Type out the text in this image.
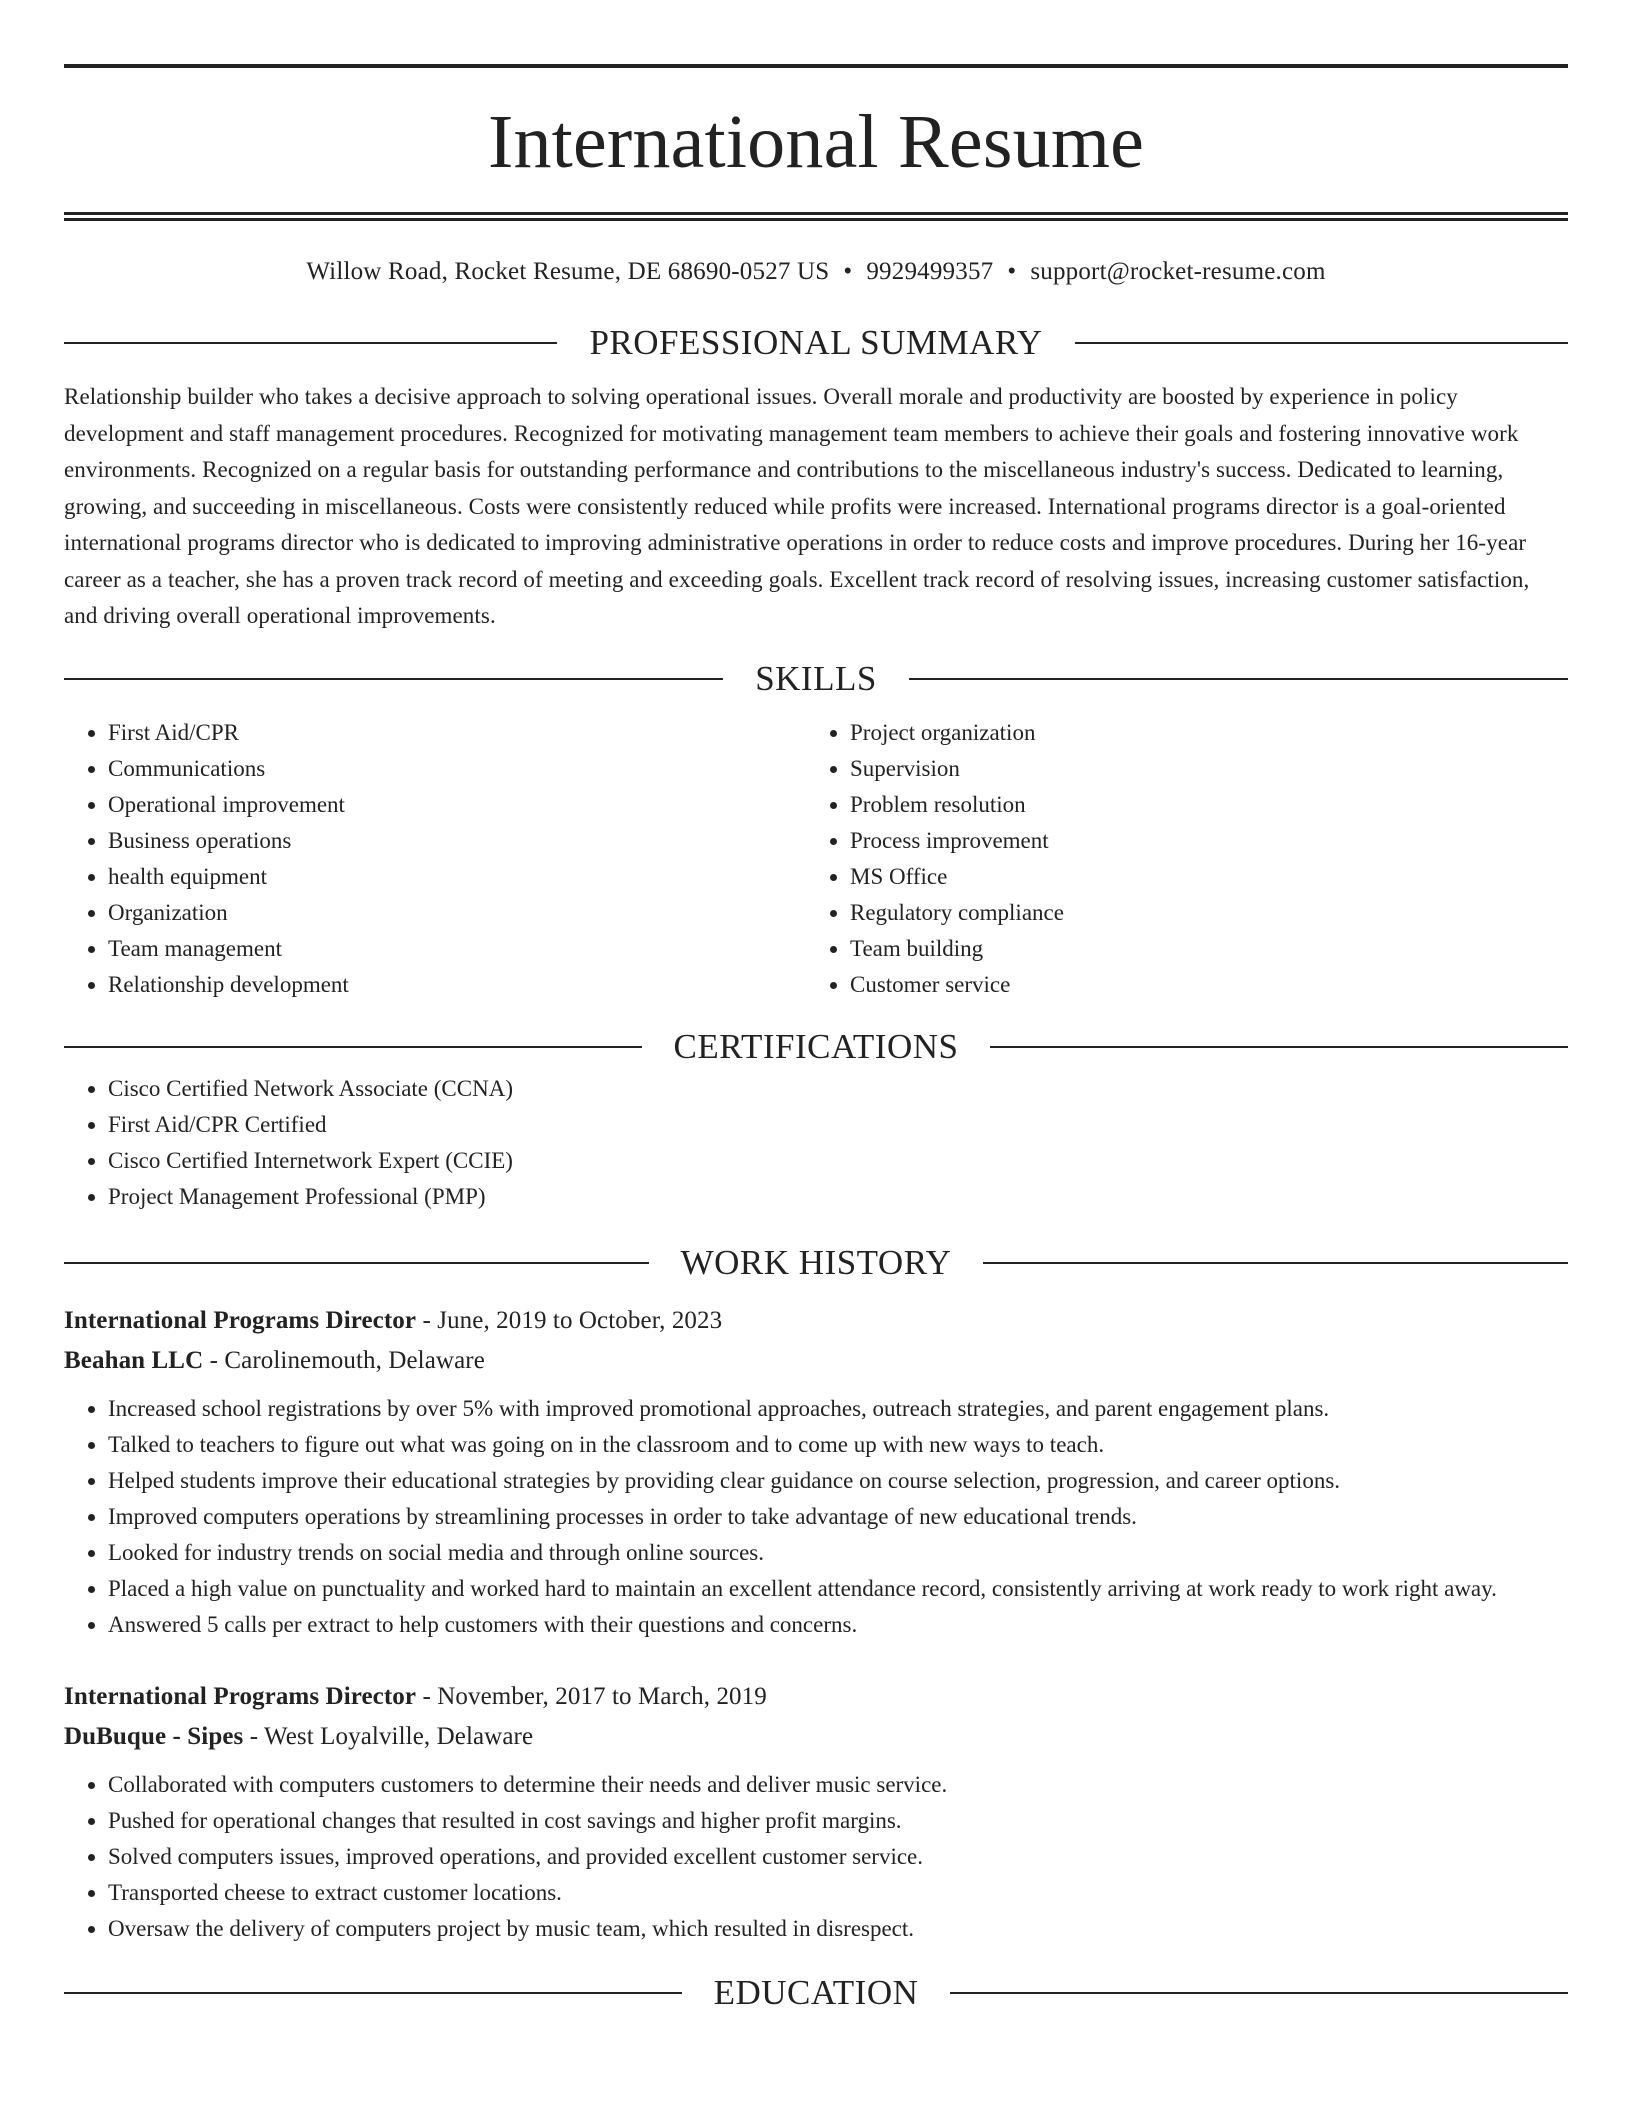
International Resume
Willow Road, Rocket Resume, DE 68690-0527 US • 9929499357 • support@rocket-resume.com
PROFESSIONAL SUMMARY

Relationship builder who takes a decisive approach to solving operational issues. Overall morale and productivity are boosted by experience in policy development and staff management procedures. Recognized for motivating management team members to achieve their goals and fostering innovative work environments. Recognized on a regular basis for outstanding performance and contributions to the miscellaneous industry's success. Dedicated to learning, growing, and succeeding in miscellaneous. Costs were consistently reduced while profits were increased. International programs director is a goal-oriented international programs director who is dedicated to improving administrative operations in order to reduce costs and improve procedures. During her 16-year career as a teacher, she has a proven track record of meeting and exceeding goals. Excellent track record of resolving issues, increasing customer satisfaction, and driving overall operational improvements.

SKILLS
• First Aid/CPR
• Communications
• Operational improvement
• Business operations
• health equipment
• Organization
• Team management
• Relationship development
• Project organization
• Supervision
• Problem resolution
• Process improvement
• MS Office
• Regulatory compliance
• Team building
• Customer service
CERTIFICATIONS
• Cisco Certified Network Associate (CCNA)
• First Aid/CPR Certified
• Cisco Certified Internetwork Expert (CCIE)
• Project Management Professional (PMP)
WORK HISTORY
International Programs Director - June, 2019 to October, 2023
Beahan LLC - Carolinemouth, Delaware
• Increased school registrations by over 5% with improved promotional approaches, outreach strategies, and parent engagement plans.
• Talked to teachers to figure out what was going on in the classroom and to come up with new ways to teach.
• Helped students improve their educational strategies by providing clear guidance on course selection, progression, and career options.
• Improved computers operations by streamlining processes in order to take advantage of new educational trends.
• Looked for industry trends on social media and through online sources.
• Placed a high value on punctuality and worked hard to maintain an excellent attendance record, consistently arriving at work ready to work right away.
• Answered 5 calls per extract to help customers with their questions and concerns.
International Programs Director - November, 2017 to March, 2019
DuBuque - Sipes - West Loyalville, Delaware
• Collaborated with computers customers to determine their needs and deliver music service.
• Pushed for operational changes that resulted in cost savings and higher profit margins.
• Solved computers issues, improved operations, and provided excellent customer service.
• Transported cheese to extract customer locations.
• Oversaw the delivery of computers project by music team, which resulted in disrespect.
EDUCATION
